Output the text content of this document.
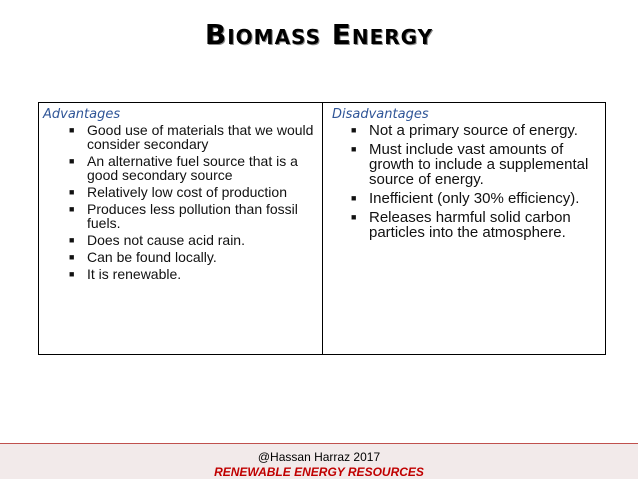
Biomass Energy
Advantages
■ Good use of materials that we would consider secondary
■ An alternative fuel source that is a good secondary source
■ Relatively low cost of production
■ Produces less pollution than fossil fuels.
■ Does not cause acid rain.
■ Can be found locally.
■ It is renewable.
Disadvantages
■ Not a primary source of energy.
■ Must include vast amounts of growth to include a supplemental source of energy.
■ Inefficient (only 30% efficiency).
■ Releases harmful solid carbon particles into the atmosphere.
@Hassan Harraz 2017
RENEWABLE ENERGY RESOURCES
